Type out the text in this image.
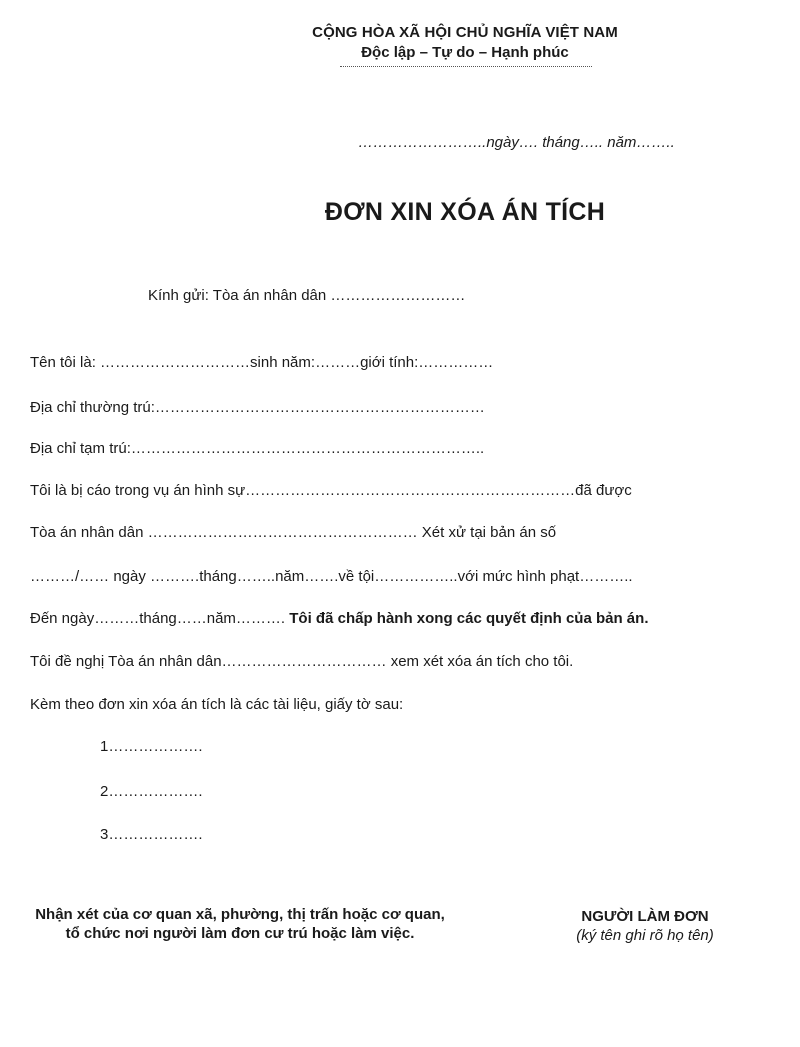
CỘNG HÒA XÃ HỘI CHỦ NGHĨA VIỆT NAM
Độc lập – Tự do – Hạnh phúc
……………………..ngày…. tháng….. năm……..
ĐƠN XIN XÓA ÁN TÍCH
Kính gửi: Tòa án nhân dân ………………………
Tên tôi là: …………………………sinh năm:………giới tính:……………
Địa chỉ thường trú:…………………………………………………………
Địa chỉ tạm trú:……………………………………………………………..
Tôi là bị cáo trong vụ án hình sự…………………………………………………………đã được
Tòa án nhân dân ……………………………………………… Xét xử tại bản án số
………/…… ngày ……….tháng……..năm…….về tội……………..với mức hình phạt………..
Đến ngày………tháng……năm………. Tôi đã chấp hành xong các quyết định của bản án.
Tôi đề nghị Tòa án nhân dân…………………………… xem xét xóa án tích cho tôi.
Kèm theo đơn xin xóa án tích là các tài liệu, giấy tờ sau:
1……………….
2……………….
3……………….
Nhận xét của cơ quan xã, phường, thị trấn hoặc cơ quan, tổ chức nơi người làm đơn cư trú hoặc làm việc.
NGƯỜI LÀM ĐƠN
(ký tên ghi rõ họ tên)
